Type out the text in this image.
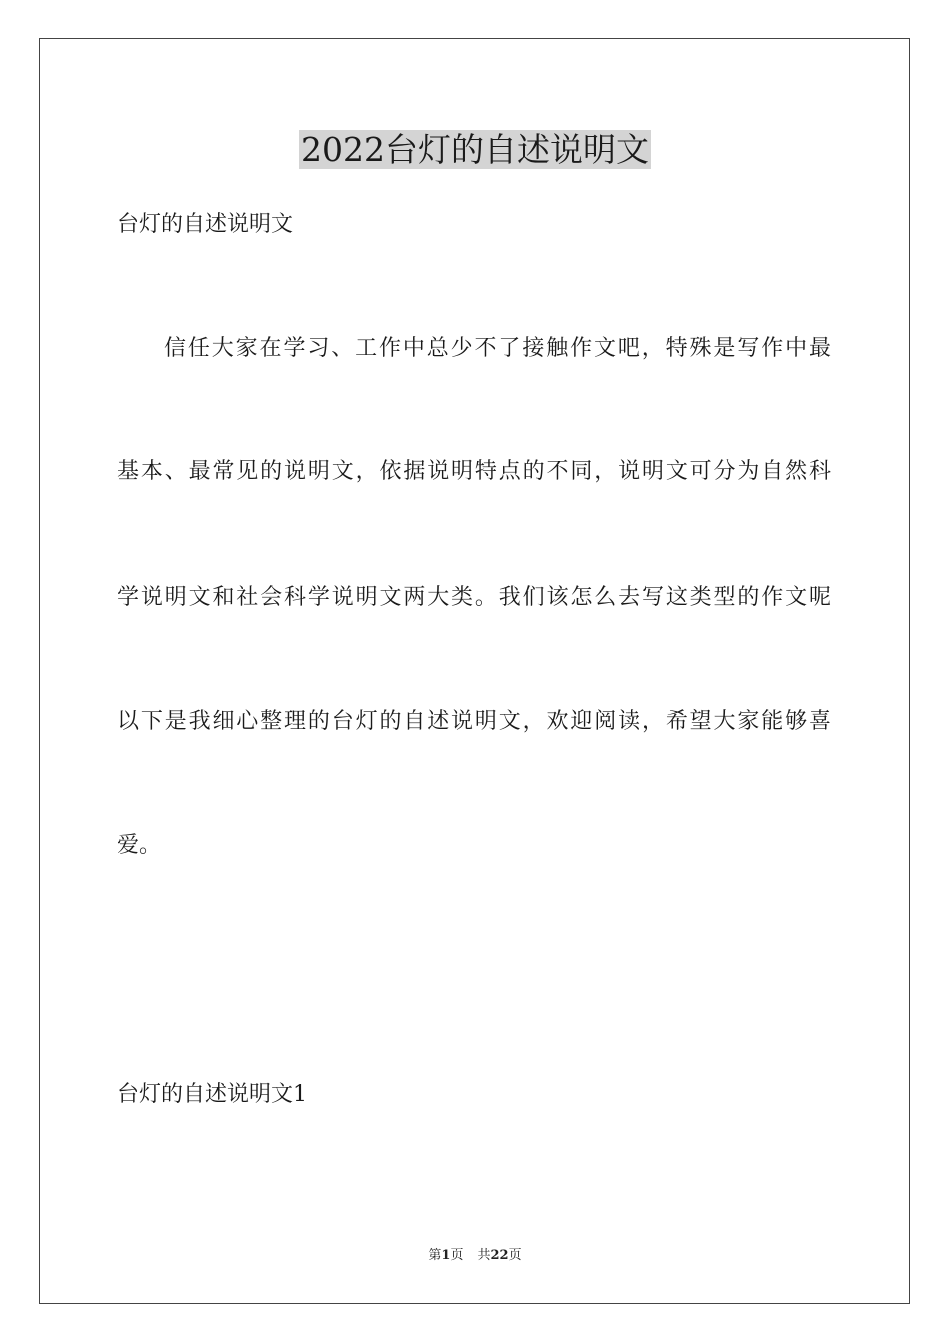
2022台灯的自述说明文
台灯的自述说明文
信任大家在学习、工作中总少不了接触作文吧，特殊是写作中最
基本、最常见的说明文，依据说明特点的不同，说明文可分为自然科
学说明文和社会科学说明文两大类。我们该怎么去写这类型的作文呢
以下是我细心整理的台灯的自述说明文，欢迎阅读，希望大家能够喜
爱。
台灯的自述说明文1
第1页 共22页
